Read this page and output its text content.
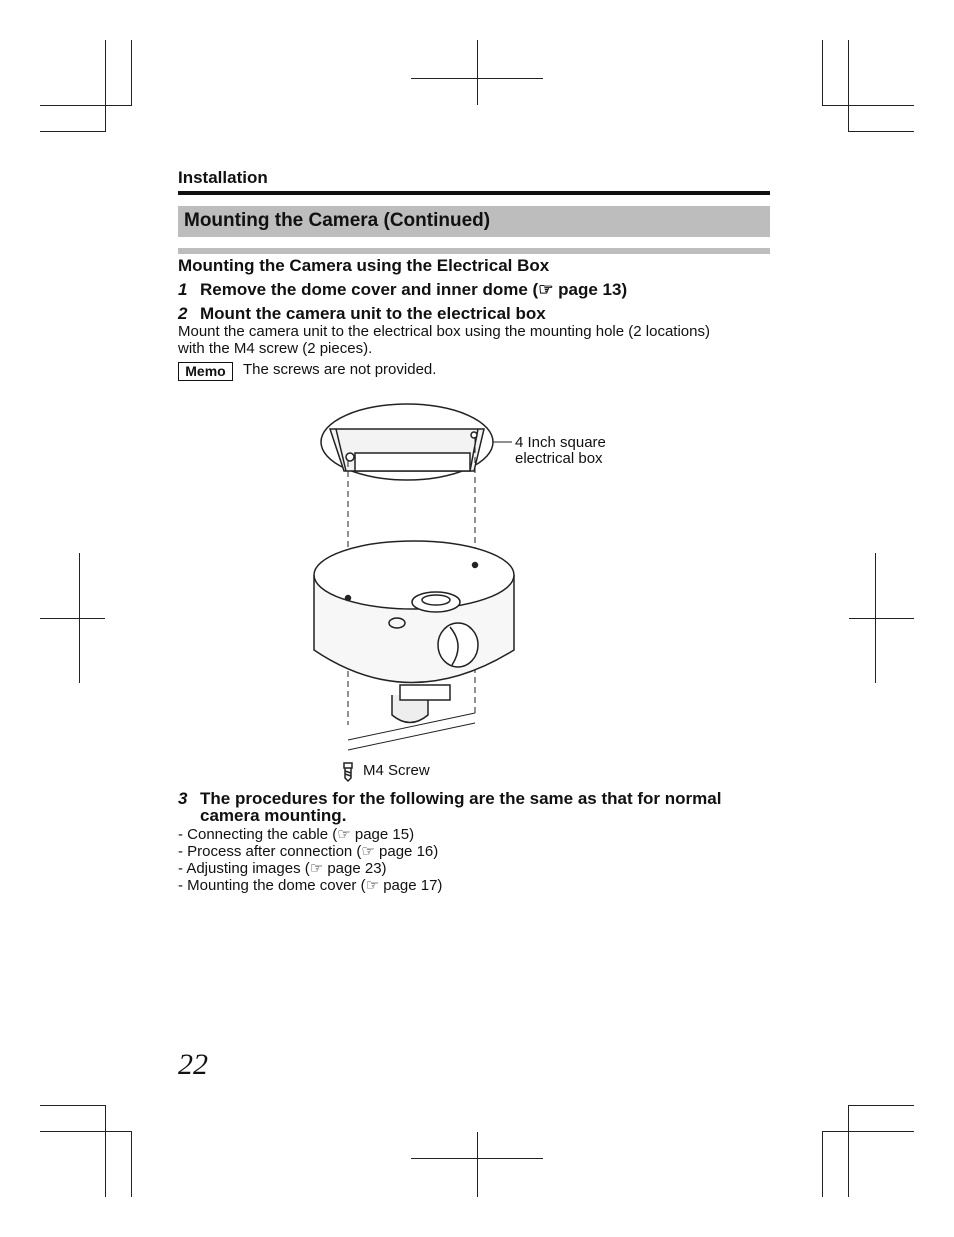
Installation
Mounting the Camera (Continued)
Mounting the Camera using the Electrical Box
1 Remove the dome cover and inner dome (☞ page 13)
2 Mount the camera unit to the electrical box
Mount the camera unit to the electrical box using the mounting hole (2 locations)
with the M4 screw (2 pieces).
Memo	The screws are not provided.
4 Inch square
electrical box
M4 Screw
3 The procedures for the following are the same as that for normal camera mounting.
- Connecting the cable (☞ page 15)
- Process after connection (☞ page 16)
- Adjusting images (☞ page 23)
- Mounting the dome cover (☞ page 17)
22
